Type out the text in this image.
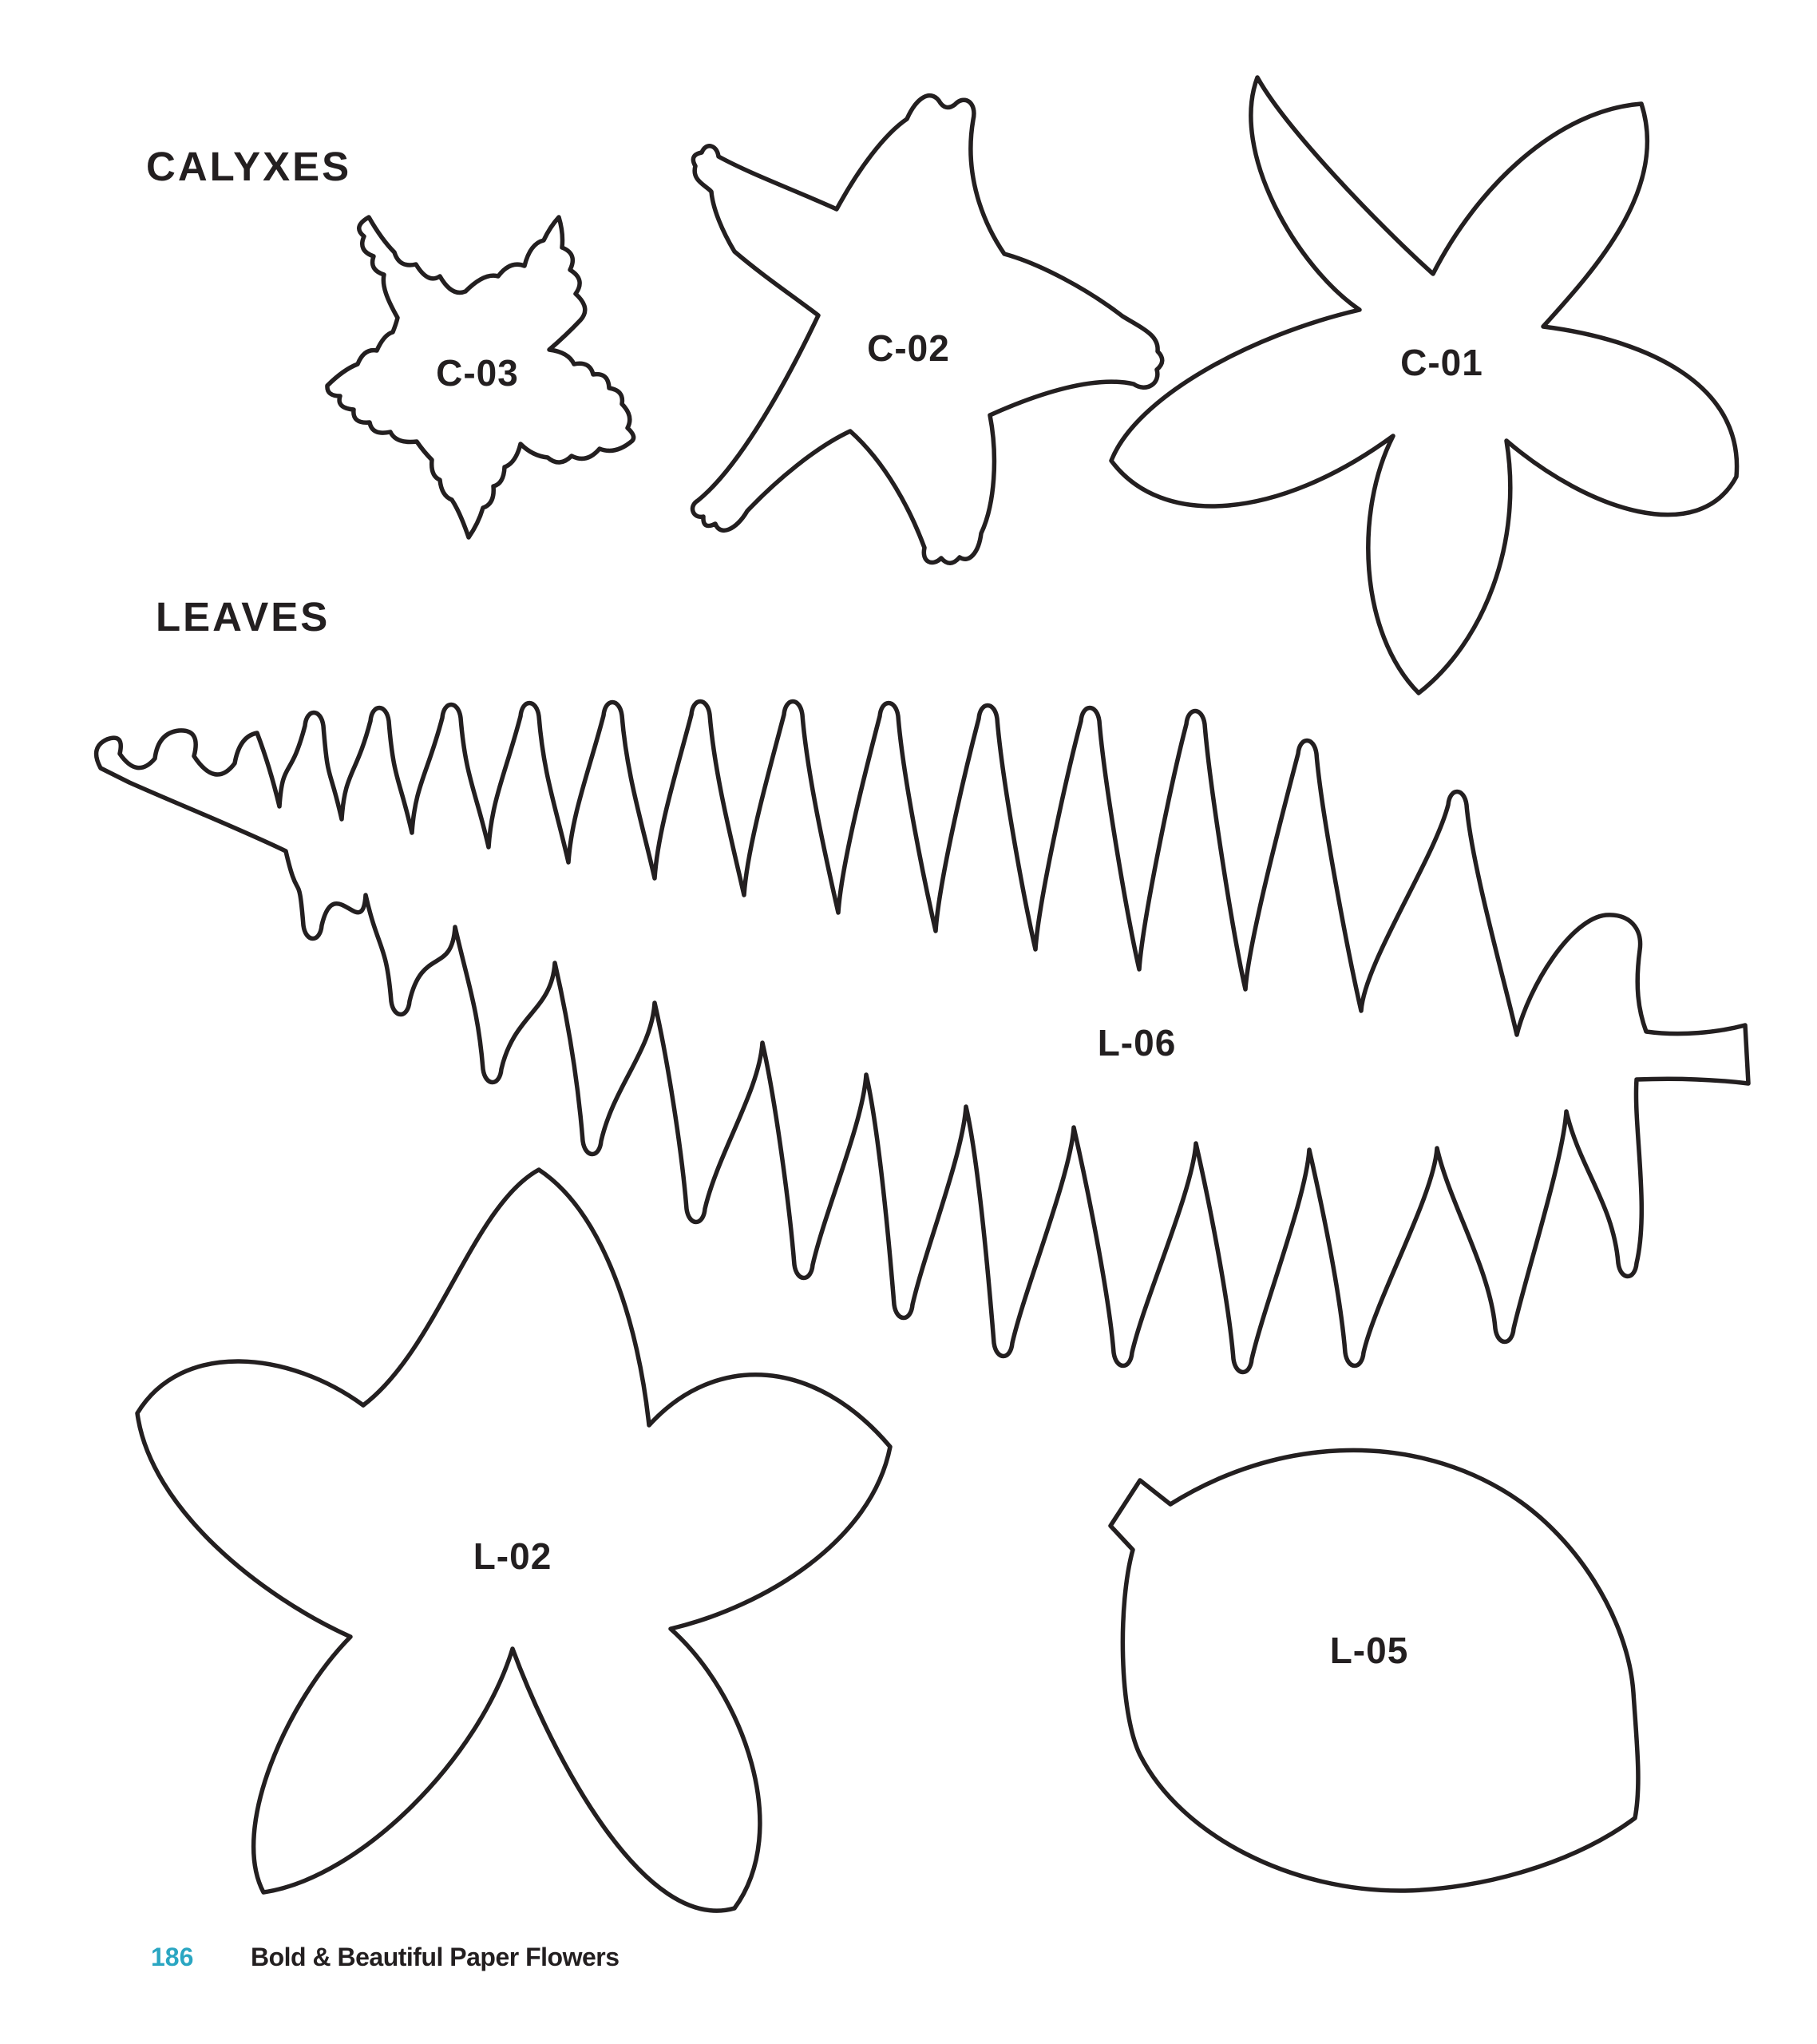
CALYXES
C-03
C-02	C-01
LEAVES
L-06
L-02
L-05
186 Bold & Beautiful Paper Flowers
